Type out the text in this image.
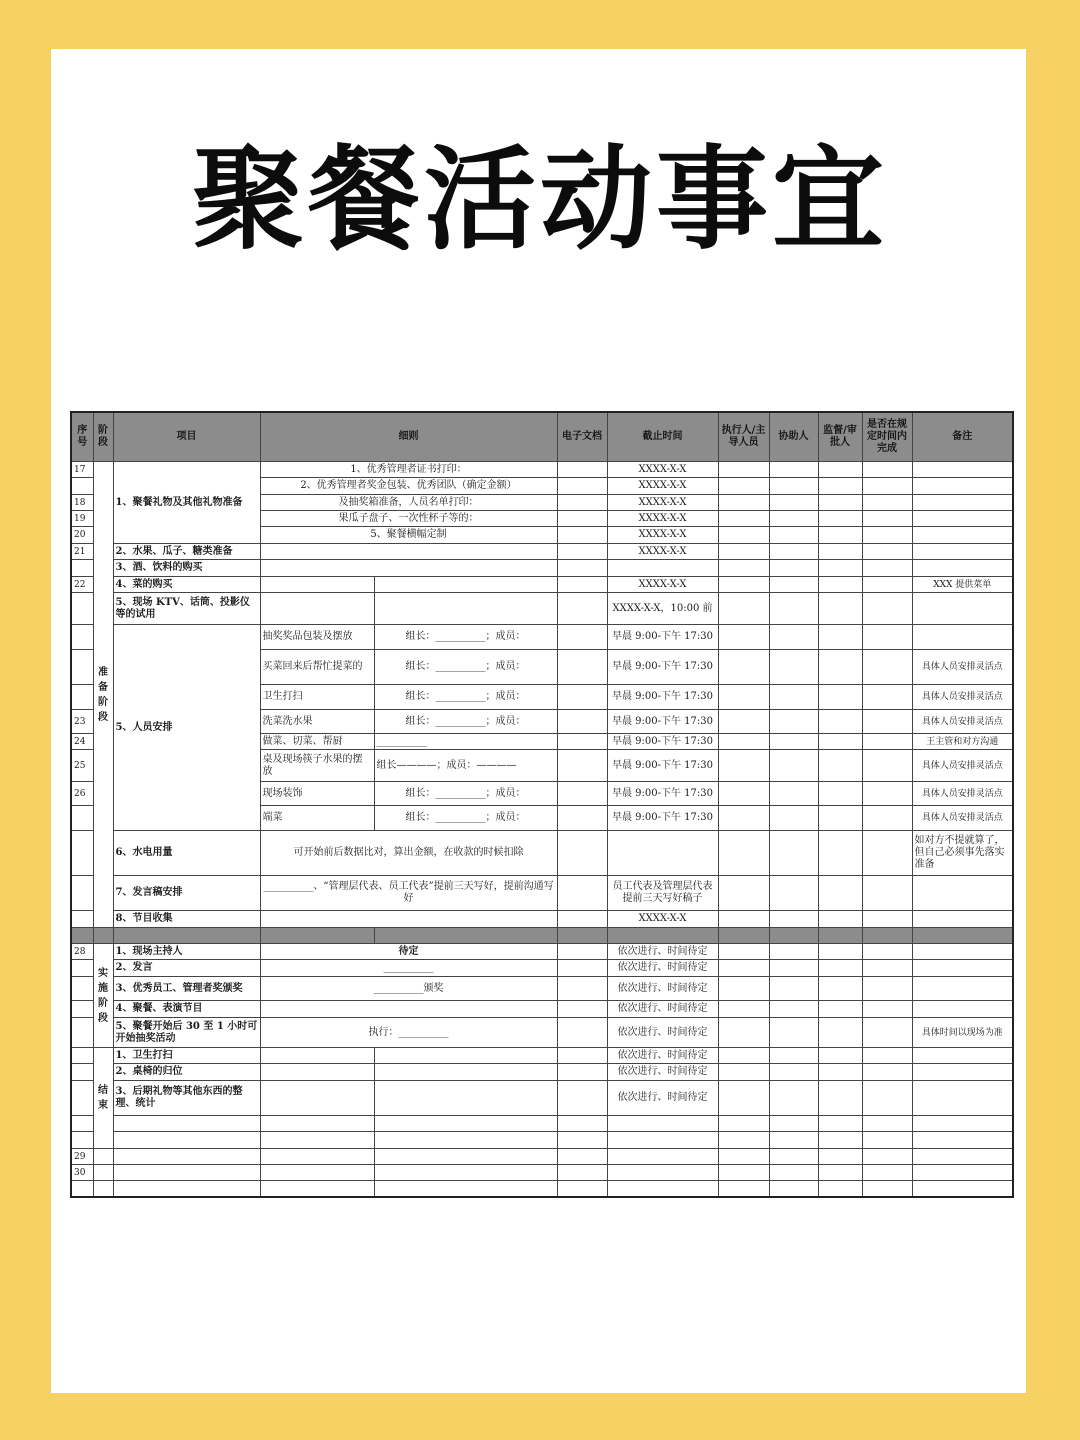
聚餐活动事宜
序号	阶段	项目	细则		电子文档	截止时间	执行人/主导人员	协助人	监督/审批人	是否在规定时间内完成	备注
17	准备阶段	1、聚餐礼物及其他礼物准备	1、优秀管理者证书打印：			XXXX-X-X					
			2、优秀管理者奖金包装、优秀团队（确定金额）			XXXX-X-X					
18			及抽奖箱准备，人员名单打印：			XXXX-X-X					
19			果瓜子盘子、一次性杯子等的：			XXXX-X-X					
20			5、聚餐横幅定制			XXXX-X-X					
21		2、水果、瓜子、糖类准备				XXXX-X-X					
		3、酒、饮料的购买									
22		4、菜的购买				XXXX-X-X					XXX 提供菜单
		5、现场 KTV、话筒、投影仪等的试用				XXXX-X-X，10:00 前					
		5、人员安排	抽奖奖品包装及摆放	组长：__________；成员：		早晨 9:00-下午 17:30					
			买菜回来后帮忙提菜的	组长：__________；成员：		早晨 9:00-下午 17:30					具体人员安排灵活点
			卫生打扫	组长：__________；成员：		早晨 9:00-下午 17:30					具体人员安排灵活点
23			洗菜洗水果	组长：__________；成员：		早晨 9:00-下午 17:30					具体人员安排灵活点
24			做菜、切菜、帮厨	__________		早晨 9:00-下午 17:30					王主管和对方沟通
25			桌及现场筷子水果的摆放	组长————；成员：————		早晨 9:00-下午 17:30					具体人员安排灵活点
26			现场装饰	组长：__________；成员：		早晨 9:00-下午 17:30					具体人员安排灵活点
			端菜	组长：__________；成员：		早晨 9:00-下午 17:30					具体人员安排灵活点
		6、水电用量	可开始前后数据比对，算出金额，在收款的时候扣除								如对方不提就算了，但自己必须事先落实准备
		7、发言稿安排	__________、“管理层代表、员工代表”提前三天写好，提前沟通写好			员工代表及管理层代表提前三天写好稿子					
		8、节目收集				XXXX-X-X					

28	实施阶段	1、现场主持人	待定			依次进行、时间待定					
		2、发言	__________			依次进行、时间待定					
		3、优秀员工、管理者奖颁奖	__________颁奖			依次进行、时间待定					
		4、聚餐、表演节目				依次进行、时间待定					
		5、聚餐开始后 30 至 1 小时可开始抽奖活动	执行：__________			依次进行、时间待定					具体时间以现场为准
	结束	1、卫生打扫				依次进行、时间待定					
		2、桌椅的归位				依次进行、时间待定					
		3、后期礼物等其他东西的整理、统计				依次进行、时间待定					

29											
30											
